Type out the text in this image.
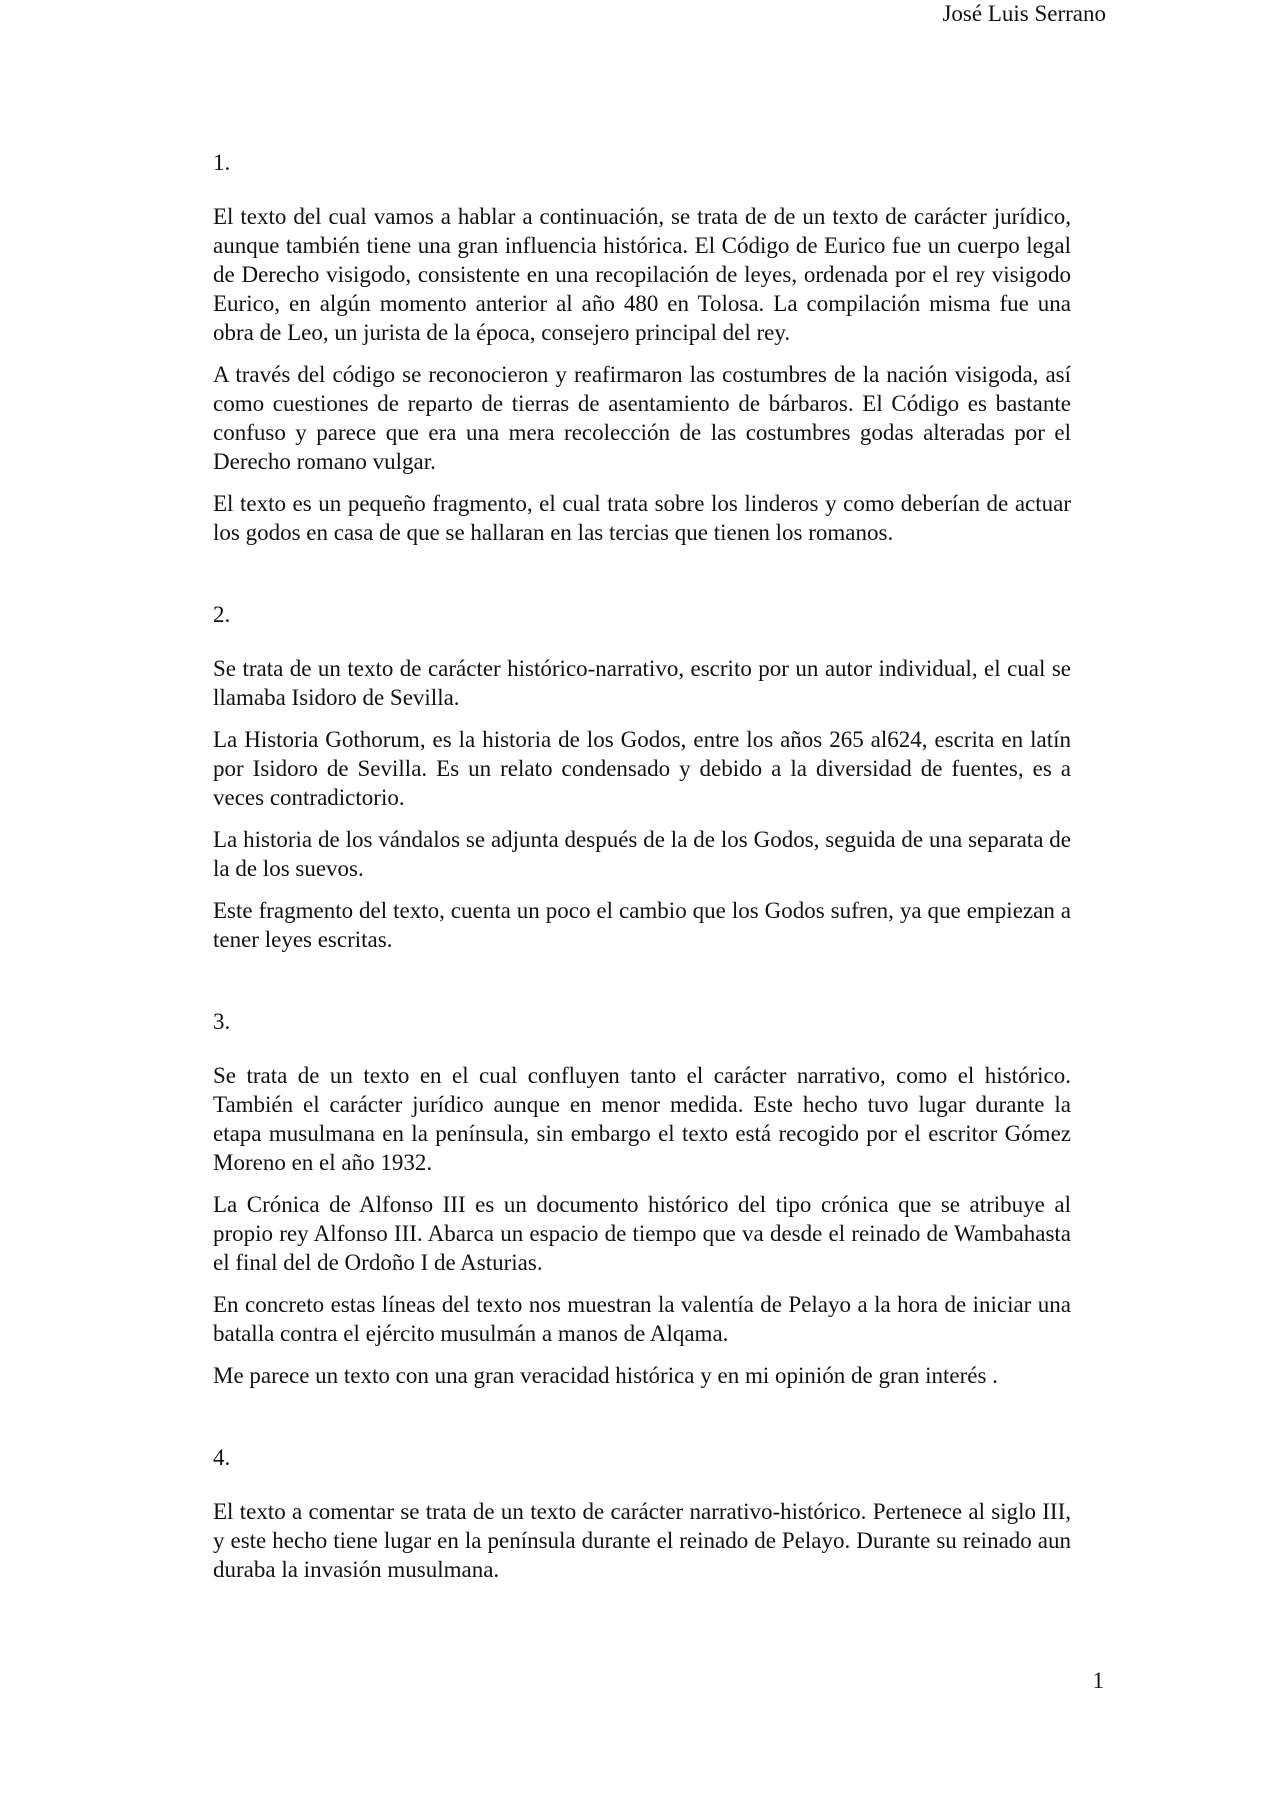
José Luis Serrano
1.

El texto del cual vamos a hablar a continuación, se trata de de un texto de carácter jurídico, aunque también tiene una gran influencia histórica. El Código de Eurico fue un cuerpo legal de Derecho visigodo, consistente en una recopilación de leyes, ordenada por el rey visigodo Eurico, en algún momento anterior al año 480 en Tolosa. La compilación misma fue una obra de Leo, un jurista de la época, consejero principal del rey.

A través del código se reconocieron y reafirmaron las costumbres de la nación visigoda, así como cuestiones de reparto de tierras de asentamiento de bárbaros. El Código es bastante confuso y parece que era una mera recolección de las costumbres godas alteradas por el Derecho romano vulgar.

El texto es un pequeño fragmento, el cual trata sobre los linderos y como deberían de actuar los godos en casa de que se hallaran en las tercias que tienen los romanos.

2.

Se trata de un texto de carácter histórico-narrativo, escrito por un autor individual, el cual se llamaba Isidoro de Sevilla.

La Historia Gothorum, es la historia de los Godos, entre los años 265 al624, escrita en latín por Isidoro de Sevilla. Es un relato condensado y debido a la diversidad de fuentes, es a veces contradictorio.

La historia de los vándalos se adjunta después de la de los Godos, seguida de una separata de la de los suevos.

Este fragmento del texto, cuenta un poco el cambio que los Godos sufren, ya que empiezan a tener leyes escritas.

3.

Se trata de un texto en el cual confluyen tanto el carácter narrativo, como el histórico. También el carácter jurídico aunque en menor medida. Este hecho tuvo lugar durante la etapa musulmana en la península, sin embargo el texto está recogido por el escritor Gómez Moreno en el año 1932.

La Crónica de Alfonso III es un documento histórico del tipo crónica que se atribuye al propio rey Alfonso III. Abarca un espacio de tiempo que va desde el reinado de Wambahasta el final del de Ordoño I de Asturias.

En concreto estas líneas del texto nos muestran la valentía de Pelayo a la hora de iniciar una batalla contra el ejército musulmán a manos de Alqama.

Me parece un texto con una gran veracidad histórica y en mi opinión de gran interés .

4.

El texto a comentar se trata de un texto de carácter narrativo-histórico. Pertenece al siglo III, y este hecho tiene lugar en la península durante el reinado de Pelayo. Durante su reinado aun duraba la invasión musulmana.

1
